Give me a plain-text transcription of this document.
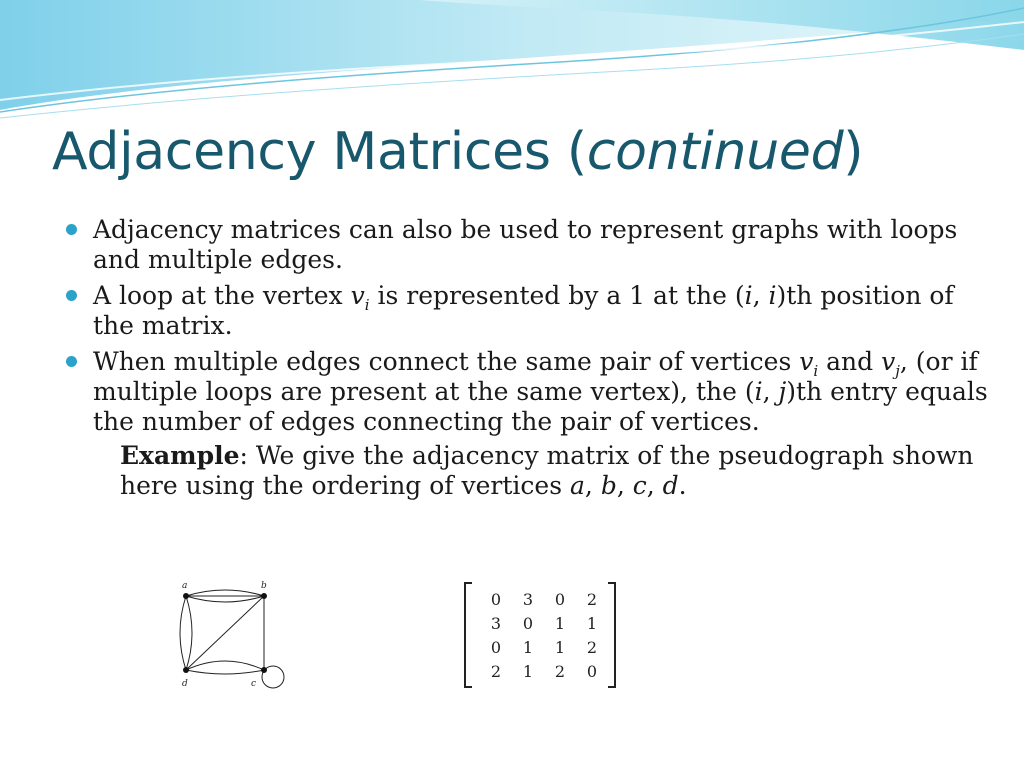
Adjacency Matrices (continued)
Adjacency matrices can also be used to represent graphs with loops and multiple edges.
A loop at the vertex $v_i$ is represented by a 1 at the (i, i)th position of the matrix.
When multiple edges connect the same pair of vertices $v_i$ and $v_j$, (or if multiple loops are present at the same vertex), the (i, j)th entry equals the number of edges connecting the pair of vertices.
Example: We give the adjacency matrix of the pseudograph shown here using the ordering of vertices a, b, c, d.
a	b
c
d
0	3	0	2
3	0	1	1
0	1	1	2
2	1	2	0
